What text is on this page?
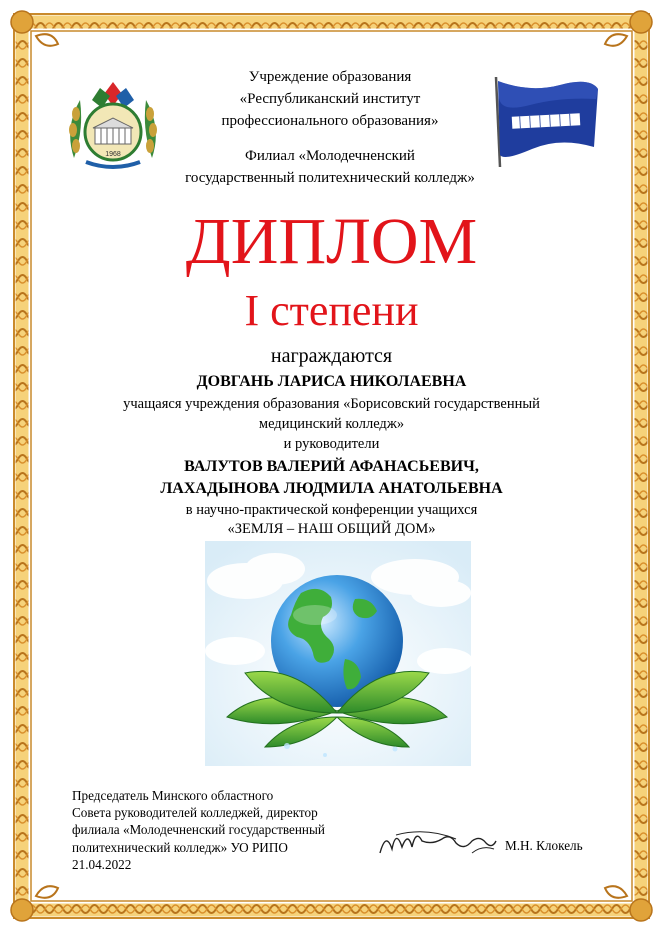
1968
Учреждение образования
«Республиканский институт
профессионального образования»
Филиал «Молодечненский
государственный политехнический колледж»
ДИПЛОМ
I степени
награждаются
ДОВГАНЬ ЛАРИСА НИКОЛАЕВНА
учащаяся учреждения образования «Борисовский государственный
медицинский колледж»
и руководители
ВАЛУТОВ ВАЛЕРИЙ АФАНАСЬЕВИЧ,
ЛАХАДЫНОВА ЛЮДМИЛА АНАТОЛЬЕВНА
в научно-практической конференции учащихся
«ЗЕМЛЯ – НАШ ОБЩИЙ ДОМ»
Председатель Минского областного
Совета руководителей колледжей, директор
филиала «Молодечненский государственный
политехнический колледж» УО РИПО
21.04.2022
М.Н. Клокель
